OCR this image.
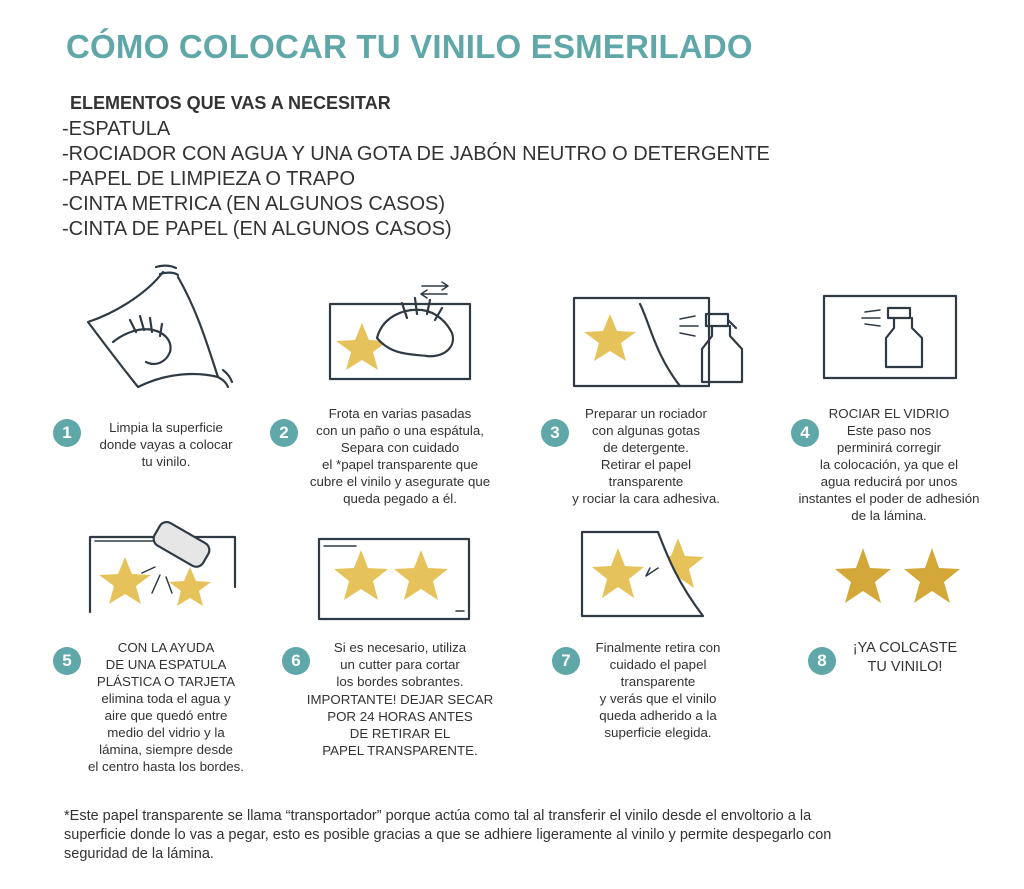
CÓMO COLOCAR TU VINILO ESMERILADO
ELEMENTOS QUE VAS A NECESITAR
-ESPATULA
-ROCIADOR CON AGUA Y UNA GOTA DE JABÓN NEUTRO O DETERGENTE
-PAPEL DE LIMPIEZA O TRAPO
-CINTA METRICA (EN ALGUNOS CASOS)
-CINTA DE PAPEL (EN ALGUNOS CASOS)
1	Limpia la superficie
donde vayas a colocar
tu vinilo.
2
Frota en varias pasadas
con un paño o una espátula,
Separa con cuidado
el *papel transparente que
cubre el vinilo y asegurate que
queda pegado a él.
3
Preparar un rociador
con algunas gotas
de detergente.
Retirar el papel
transparente
y rociar la cara adhesiva.
4
ROCIAR EL VIDRIO
Este paso nos
perminirá corregir
la colocación, ya que el
agua reducirá por unos
instantes el poder de adhesión
de la lámina.
5
CON LA AYUDA
DE UNA ESPATULA
PLÁSTICA O TARJETA
elimina toda el agua y
aire que quedó entre
medio del vidrio y la
lámina, siempre desde
el centro hasta los bordes.
6
Si es necesario, utiliza
un cutter para cortar
los bordes sobrantes.
IMPORTANTE! DEJAR SECAR
POR 24 HORAS ANTES
DE RETIRAR EL
PAPEL TRANSPARENTE.
7
Finalmente retira con
cuidado el papel
transparente
y verás que el vinilo
queda adherido a la
superficie elegida.
8
¡YA COLCASTE
TU VINILO!
*Este papel transparente se llama “transportador” porque actúa como tal al transferir el vinilo desde el envoltorio a la
superficie donde lo vas a pegar, esto es posible gracias a que se adhiere ligeramente al vinilo y permite despegarlo con
seguridad de la lámina.
